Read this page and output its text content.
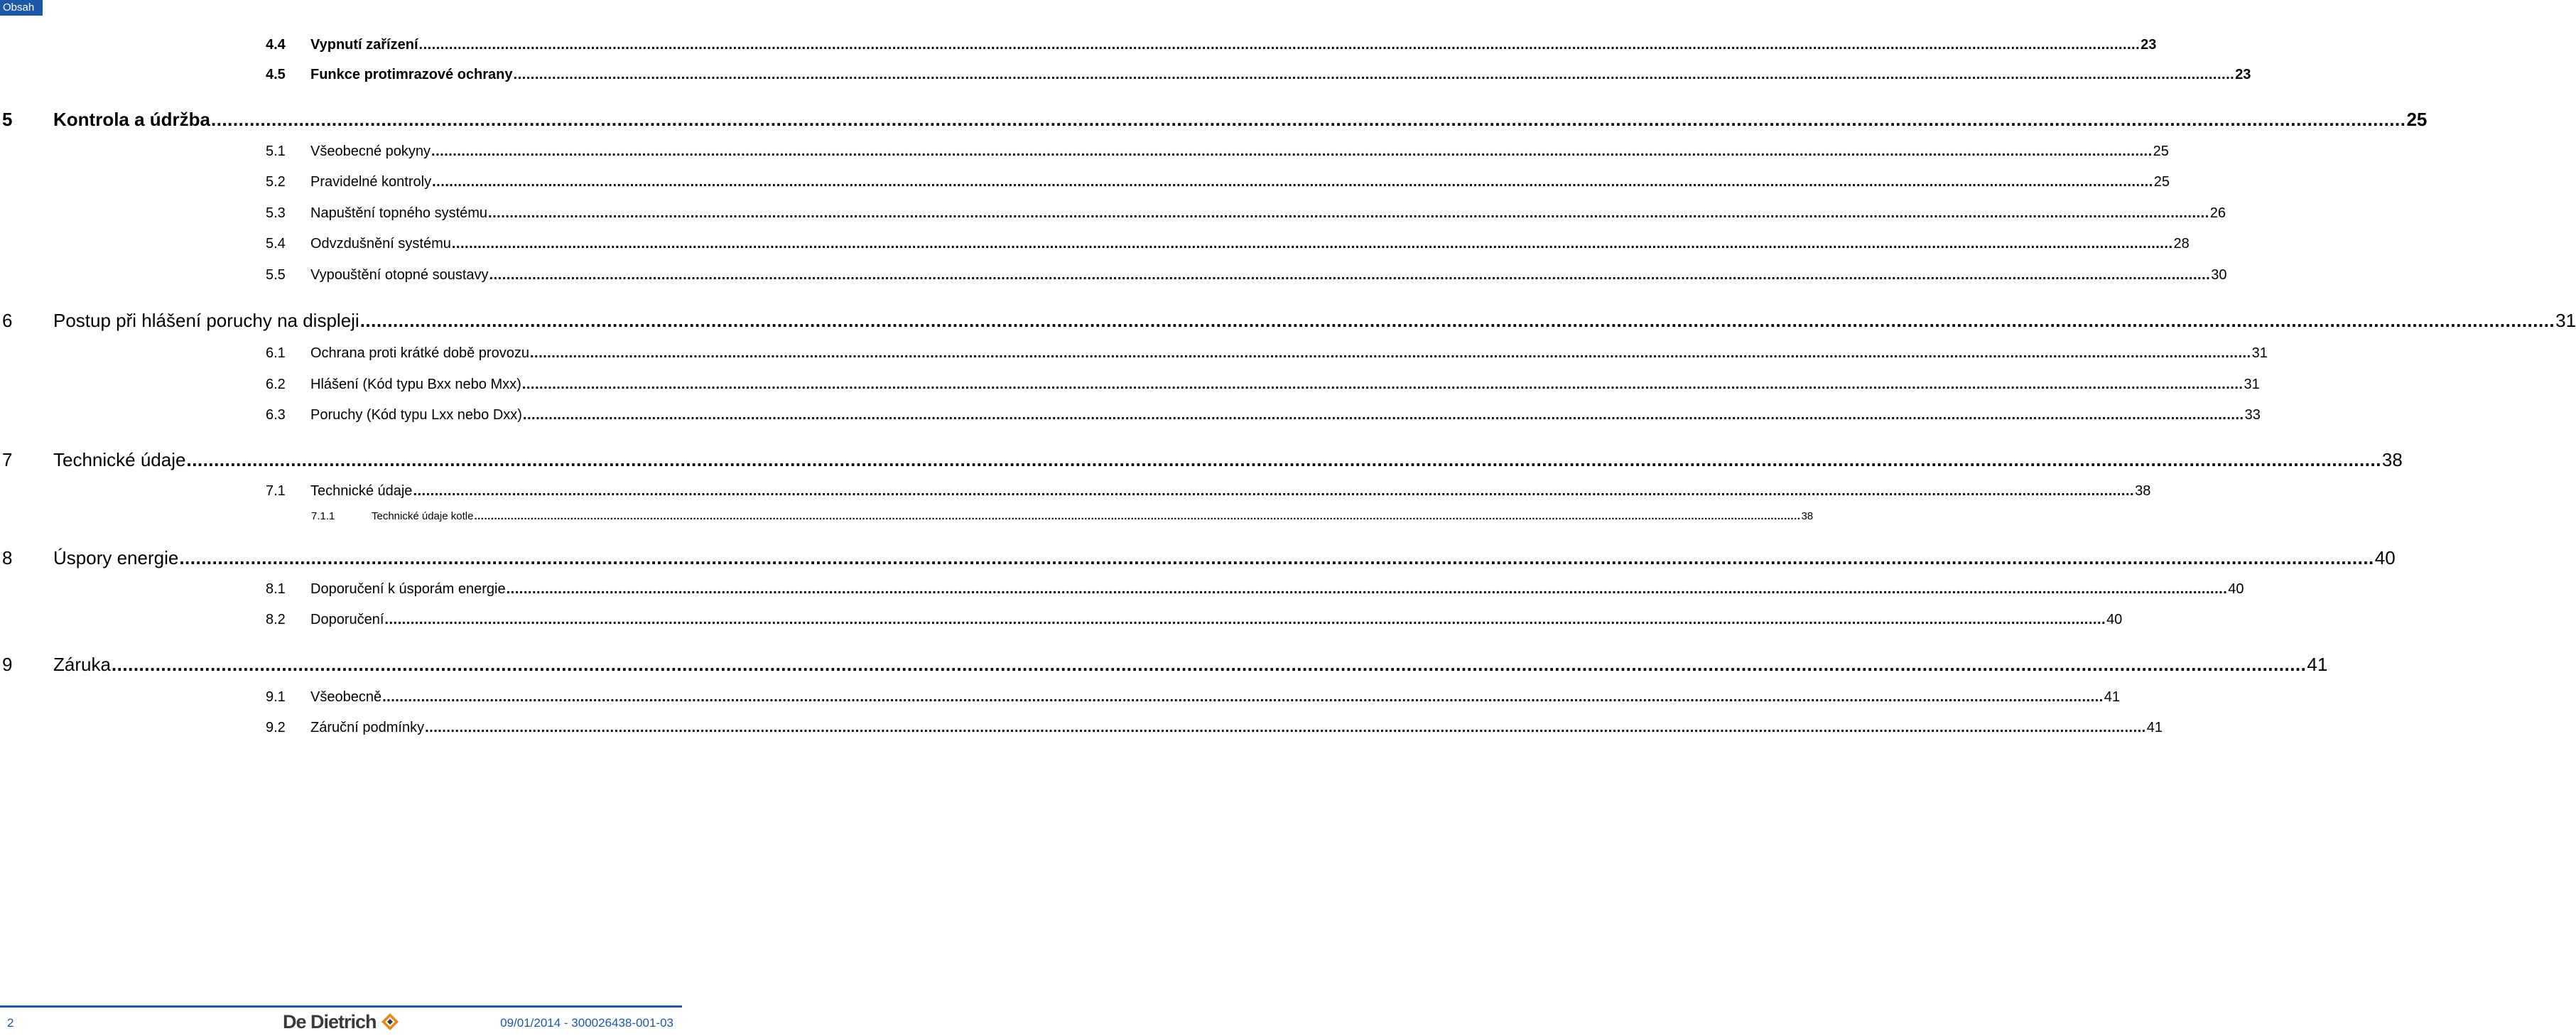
Obsah
4.4	Vypnutí zařízení ................................................................................................................................................................................................................................................................................................................................................................................................................ 23
4.5	Funkce protimrazové ochrany ................................................................................................................................................................................................................................................................................................................................................................................................................ 23
5	Kontrola a údržba ................................................................................................................................................................................................................................................................................................................................................................................................................ 25
5.1	Všeobecné pokyny ................................................................................................................................................................................................................................................................................................................................................................................................................ 25
5.2	Pravidelné kontroly ................................................................................................................................................................................................................................................................................................................................................................................................................ 25
5.3	Napuštění topného systému ................................................................................................................................................................................................................................................................................................................................................................................................................ 26
5.4	Odvzdušnění systému ................................................................................................................................................................................................................................................................................................................................................................................................................ 28
5.5	Vypouštění otopné soustavy ................................................................................................................................................................................................................................................................................................................................................................................................................ 30
6	Postup při hlášení poruchy na displeji ................................................................................................................................................................................................................................................................................................................................................................................................................ 31
6.1	Ochrana proti krátké době provozu ................................................................................................................................................................................................................................................................................................................................................................................................................ 31
6.2	Hlášení (Kód typu Bxx nebo Mxx) ................................................................................................................................................................................................................................................................................................................................................................................................................ 31
6.3	Poruchy (Kód typu Lxx nebo Dxx) ................................................................................................................................................................................................................................................................................................................................................................................................................ 33
7	Technické údaje ................................................................................................................................................................................................................................................................................................................................................................................................................ 38
7.1	Technické údaje ................................................................................................................................................................................................................................................................................................................................................................................................................ 38
7.1.1	Technické údaje kotle ................................................................................................................................................................................................................................................................................................................................................................................................................ 38
8	Úspory energie ................................................................................................................................................................................................................................................................................................................................................................................................................ 40
8.1	Doporučení k úsporám energie ................................................................................................................................................................................................................................................................................................................................................................................................................ 40
8.2	Doporučení ................................................................................................................................................................................................................................................................................................................................................................................................................ 40
9	Záruka ................................................................................................................................................................................................................................................................................................................................................................................................................ 41
9.1	Všeobecně ................................................................................................................................................................................................................................................................................................................................................................................................................ 41
9.2	Záruční podmínky ................................................................................................................................................................................................................................................................................................................................................................................................................ 41
2	De Dietrich	09/01/2014 - 300026438-001-03
